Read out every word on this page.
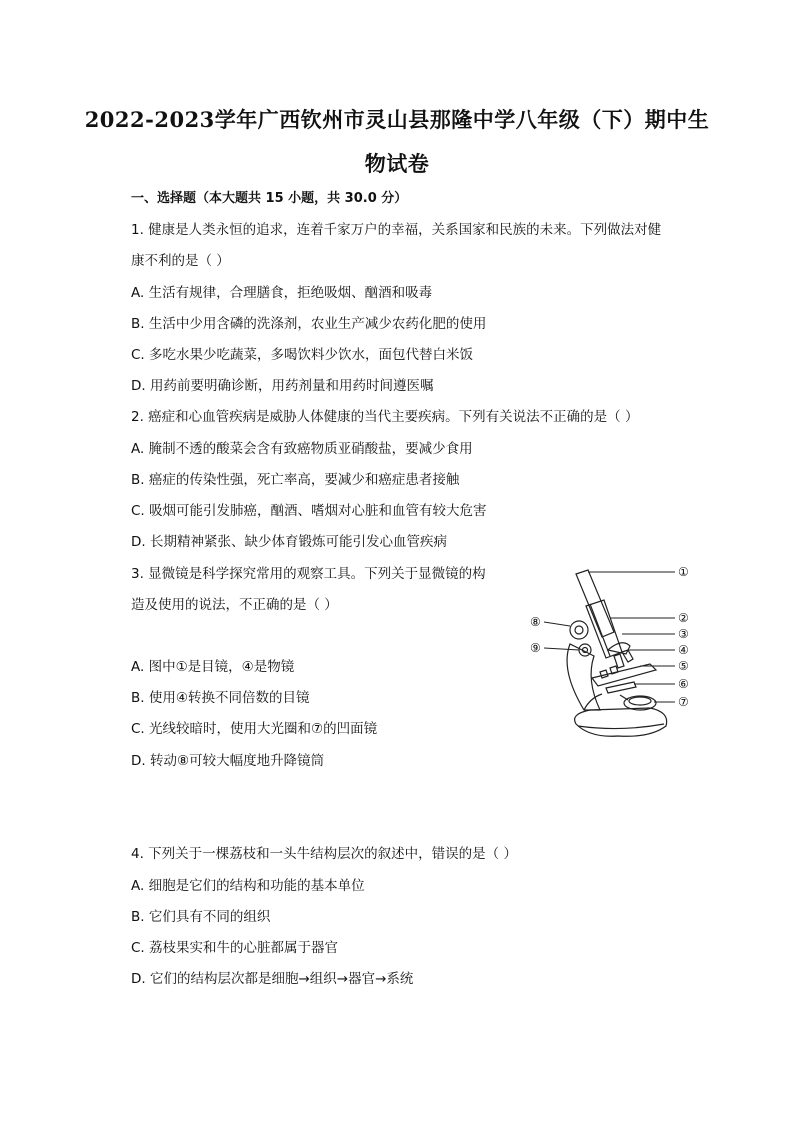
2022-2023学年广西钦州市灵山县那隆中学八年级（下）期中生
物试卷
一、选择题（本大题共 15 小题，共 30.0 分）
1. 健康是人类永恒的追求，连着千家万户的幸福，关系国家和民族的未来。下列做法对健
康不利的是（ ）
A. 生活有规律，合理膳食，拒绝吸烟、酗酒和吸毒
B. 生活中少用含磷的洗涤剂，农业生产减少农药化肥的使用
C. 多吃水果少吃蔬菜，多喝饮料少饮水，面包代替白米饭
D. 用药前要明确诊断，用药剂量和用药时间遵医嘱
2. 癌症和心血管疾病是威胁人体健康的当代主要疾病。下列有关说法不正确的是（ ）
A. 腌制不透的酸菜会含有致癌物质亚硝酸盐，要减少食用
B. 癌症的传染性强，死亡率高，要减少和癌症患者接触
C. 吸烟可能引发肺癌，酗酒、嗜烟对心脏和血管有较大危害
D. 长期精神紧张、缺少体育锻炼可能引发心血管疾病
3. 显微镜是科学探究常用的观察工具。下列关于显微镜的构
造及使用的说法，不正确的是（ ）
A. 图中①是目镜，④是物镜
B. 使用④转换不同倍数的目镜
C. 光线较暗时，使用大光圈和⑦的凹面镜
D. 转动⑧可较大幅度地升降镜筒
①
②
③
④
⑤
⑥
⑦
⑧
⑨
4. 下列关于一棵荔枝和一头牛结构层次的叙述中，错误的是（ ）
A. 细胞是它们的结构和功能的基本单位
B. 它们具有不同的组织
C. 荔枝果实和牛的心脏都属于器官
D. 它们的结构层次都是细胞→组织→器官→系统
